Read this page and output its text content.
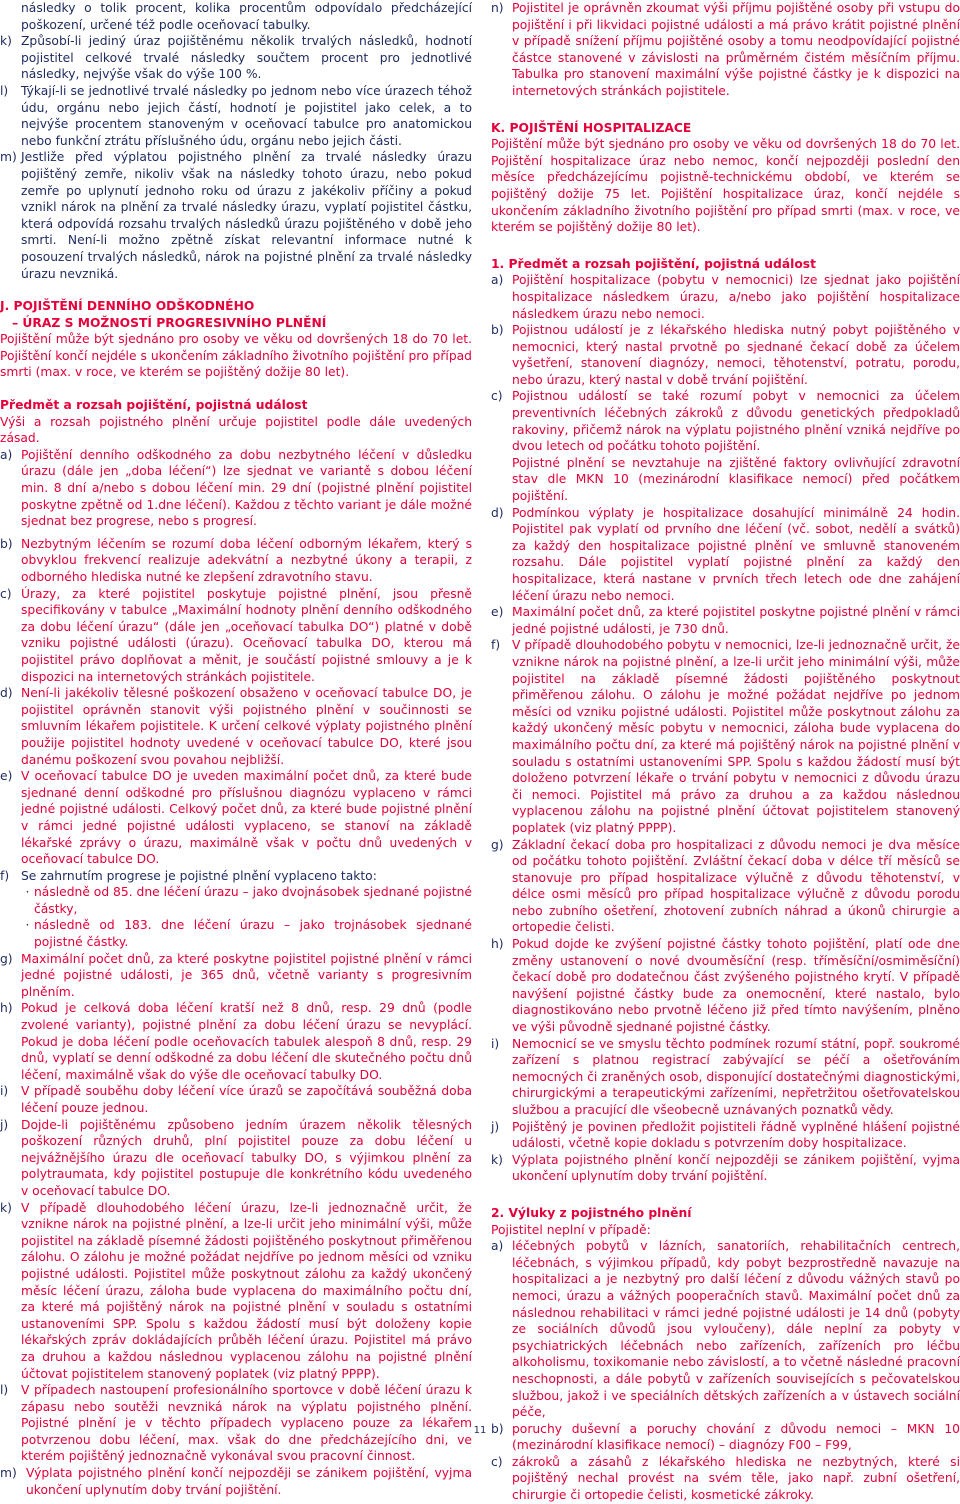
následky o tolik procent, kolika procentům odpovídalo předcházející poškození, určené též podle oceňovací tabulky.

k) Způsobí-li jediný úraz pojištěnému několik trvalých následků, hodnotí pojistitel celkové trvalé následky součtem procent pro jednotlivé následky, nejvýše však do výše 100 %.
l)	Týkají-li se jednotlivé trvalé následky po jednom nebo více úrazech téhož údu, orgánu nebo jejich částí, hodnotí je pojistitel jako celek, a to nejvýše procentem stanoveným v oceňovací tabulce pro anatomickou nebo funkční ztrátu příslušného údu, orgánu nebo jejich části.
m) Jestliže před výplatou pojistného plnění za trvalé následky úrazu pojištěný zemře, nikoliv však na následky tohoto úrazu, nebo pokud zemře po uplynutí jednoho roku od úrazu z jakékoliv příčiny a pokud vznikl nárok na plnění za trvalé následky úrazu, vyplatí pojistitel částku, která odpovídá rozsahu trvalých následků úrazu pojištěného v době jeho smrti. Není-li možno zpětně získat relevantní informace nutné k posouzení trvalých následků, nárok na pojistné plnění za trvalé následky úrazu nevzniká.

J. POJIŠTĚNÍ DENNÍHO ODŠKODNÉHO

– ÚRAZ S MOŽNOSTÍ PROGRESIVNÍHO PLNĚNÍ

Pojištění může být sjednáno pro osoby ve věku od dovršených 18 do 70 let. Pojištění končí nejdéle s ukončením základního životního pojištění pro případ smrti (max. v roce, ve kterém se pojištěný dožije 80 let).

Předmět a rozsah pojištění, pojistná událost

Výši a rozsah pojistného plnění určuje pojistitel podle dále uvedených zásad.

a) Pojištění denního odškodného za dobu nezbytného léčení v důsledku úrazu (dále jen „doba léčení“) lze sjednat ve variantě s dobou léčení min. 8 dní a/nebo s dobou léčení min. 29 dní (pojistné plnění pojistitel poskytne zpětně od 1.dne léčení). Každou z těchto variant je dále možné sjednat bez progrese, nebo s progresí.
b) Nezbytným léčením se rozumí doba léčení odborným lékařem, který s obvyklou frekvencí realizuje adekvátní a nezbytné úkony a terapii, z odborného hlediska nutné ke zlepšení zdravotního stavu.
c) Úrazy, za které pojistitel poskytuje pojistné plnění, jsou přesně specifikovány v tabulce „Maximální hodnoty plnění denního odškodného za dobu léčení úrazu“ (dále jen „oceňovací tabulka DO“) platné v době vzniku pojistné události (úrazu). Oceňovací tabulka DO, kterou má pojistitel právo doplňovat a měnit, je součástí pojistné smlouvy a je k dispozici na internetových stránkách pojistitele.
d) Není-li jakékoliv tělesné poškození obsaženo v oceňovací tabulce DO, je pojistitel oprávněn stanovit výši pojistného plnění v součinnosti se smluvním lékařem pojistitele. K určení celkové výplaty pojistného plnění použije pojistitel hodnoty uvedené v oceňovací tabulce DO, které jsou danému poškození svou povahou nejbližší.
e) V oceňovací tabulce DO je uveden maximální počet dnů, za které bude sjednané denní odškodné pro příslušnou diagnózu vyplaceno v rámci jedné pojistné události. Celkový počet dnů, za které bude pojistné plnění v rámci jedné pojistné události vyplaceno, se stanoví na základě lékařské zprávy o úrazu, maximálně však v počtu dnů uvedených v oceňovací tabulce DO.
f) Se zahrnutím progrese je pojistné plnění vyplaceno takto:
· následně od 85. dne léčení úrazu – jako dvojnásobek sjednané pojistné částky,
· následně od 183. dne léčení úrazu – jako trojnásobek sjednané pojistné částky.
g) Maximální počet dnů, za které poskytne pojistitel pojistné plnění v rámci jedné pojistné události, je 365 dnů, včetně varianty s progresivním plněním.
h) Pokud je celková doba léčení kratší než 8 dnů, resp. 29 dnů (podle zvolené varianty), pojistné plnění za dobu léčení úrazu se nevyplácí. Pokud je doba léčení podle oceňovacích tabulek alespoň 8 dnů, resp. 29 dnů, vyplatí se denní odškodné za dobu léčení dle skutečného počtu dnů léčení, maximálně však do výše dle oceňovací tabulky DO.
i)	V případě souběhu doby léčení více úrazů se započítává souběžná doba léčení pouze jednou.
j)	Dojde-li pojištěnému způsobeno jedním úrazem několik tělesných poškození různých druhů, plní pojistitel pouze za dobu léčení u nejvážnějšího úrazu dle oceňovací tabulky DO, s výjimkou plnění za polytraumata, kdy pojistitel postupuje dle konkrétního kódu uvedeného v oceňovací tabulce DO.
k) V případě dlouhodobého léčení úrazu, lze-li jednoznačně určit, že vznikne nárok na pojistné plnění, a lze-li určit jeho minimální výši, může pojistitel na základě písemné žádosti pojištěného poskytnout přiměřenou zálohu. O zálohu je možné požádat nejdříve po jednom měsíci od vzniku pojistné události. Pojistitel může poskytnout zálohu za každý ukončený měsíc léčení úrazu, záloha bude vyplacena do maximálního počtu dní, za které má pojištěný nárok na pojistné plnění v souladu s ostatními ustanoveními SPP. Spolu s každou žádostí musí být doloženy kopie lékařských zpráv dokládajících průběh léčení úrazu. Pojistitel má právo za druhou a každou následnou vyplacenou zálohu na pojistné plnění účtovat pojistitelem stanovený poplatek (viz platný PPPP).
l)	V případech nastoupení profesionálního sportovce v době léčení úrazu k zápasu nebo soutěži nevzniká nárok na výplatu pojistného plnění. Pojistné plnění je v těchto případech vyplaceno pouze za lékařem potvrzenou dobu léčení, max. však do dne předcházejícího dni, ve kterém pojištěný jednoznačně vykonával svou pracovní činnost.
m) Výplata pojistného plnění končí nejpozději se zánikem pojištění, vyjma ukončení uplynutím doby trvání pojištění.
n) Pojistitel je oprávněn zkoumat výši příjmu pojištěné osoby při vstupu do pojištění i při likvidaci pojistné události a má právo krátit pojistné plnění v případě snížení příjmu pojištěné osoby a tomu neodpovídající pojistné částce stanovené v závislosti na průměrném čistém měsíčním příjmu. Tabulka pro stanovení maximální výše pojistné částky je k dispozici na internetových stránkách pojistitele.

K. POJIŠTĚNÍ HOSPITALIZACE

Pojištění může být sjednáno pro osoby ve věku od dovršených 18 do 70 let. Pojištění hospitalizace úraz nebo nemoc, končí nejpozději poslední den měsíce předcházejícímu pojistně-technickému období, ve kterém se pojištěný dožije 75 let. Pojištění hospitalizace úraz, končí nejdéle s ukončením základního životního pojištění pro případ smrti (max. v roce, ve kterém se pojištěný dožije 80 let).

1. Předmět a rozsah pojištění, pojistná událost

a) Pojištění hospitalizace (pobytu v nemocnici) lze sjednat jako pojištění hospitalizace následkem úrazu, a/nebo jako pojištění hospitalizace následkem úrazu nebo nemoci.
b) Pojistnou událostí je z lékařského hlediska nutný pobyt pojištěného v nemocnici, který nastal prvotně po sjednané čekací době za účelem vyšetření, stanovení diagnózy, nemoci, těhotenství, potratu, porodu, nebo úrazu, který nastal v době trvání pojištění.
c) Pojistnou událostí se také rozumí pobyt v nemocnici za účelem preventivních léčebných zákroků z důvodu genetických předpokladů rakoviny, přičemž nárok na výplatu pojistného plnění vzniká nejdříve po dvou letech od počátku tohoto pojištění.

Pojistné plnění se nevztahuje na zjištěné faktory ovlivňující zdravotní stav dle MKN 10 (mezinárodní klasifikace nemocí) před počátkem pojištění.

d) Podmínkou výplaty je hospitalizace dosahující minimálně 24 hodin. Pojistitel pak vyplatí od prvního dne léčení (vč. sobot, nedělí a svátků) za každý den hospitalizace pojistné plnění ve smluvně stanoveném rozsahu. Dále pojistitel vyplatí pojistné plnění za každý den hospitalizace, která nastane v prvních třech letech ode dne zahájení léčení úrazu nebo nemoci.
e) Maximální počet dnů, za které pojistitel poskytne pojistné plnění v rámci jedné pojistné události, je 730 dnů.
f) V případě dlouhodobého pobytu v nemocnici, lze-li jednoznačně určit, že vznikne nárok na pojistné plnění, a lze-li určit jeho minimální výši, může pojistitel na základě písemné žádosti pojištěného poskytnout přiměřenou zálohu. O zálohu je možné požádat nejdříve po jednom měsíci od vzniku pojistné události. Pojistitel může poskytnout zálohu za každý ukončený měsíc pobytu v nemocnici, záloha bude vyplacena do maximálního počtu dní, za které má pojištěný nárok na pojistné plnění v souladu s ostatními ustanoveními SPP. Spolu s každou žádostí musí být doloženo potvrzení lékaře o trvání pobytu v nemocnici z důvodu úrazu či nemoci. Pojistitel má právo za druhou a za každou následnou vyplacenou zálohu na pojistné plnění účtovat pojistitelem stanovený poplatek (viz platný PPPP).
g) Základní čekací doba pro hospitalizaci z důvodu nemoci je dva měsíce od počátku tohoto pojištění. Zvláštní čekací doba v délce tří měsíců se stanovuje pro případ hospitalizace výlučně z důvodu těhotenství, v délce osmi měsíců pro případ hospitalizace výlučně z důvodu porodu nebo zubního ošetření, zhotovení zubních náhrad a úkonů chirurgie a ortopedie čelisti.
h) Pokud dojde ke zvýšení pojistné částky tohoto pojištění, platí ode dne změny ustanovení o nové dvouměsíční (resp. tříměsíční/osmiměsíční) čekací době pro dodatečnou část zvýšeného pojistného krytí. V případě navýšení pojistné částky bude za onemocnění, které nastalo, bylo diagnostikováno nebo prvotně léčeno již před tímto navýšením, plněno ve výši původně sjednané pojistné částky.
i)	Nemocnicí se ve smyslu těchto podmínek rozumí státní, popř. soukromé zařízení s platnou registrací zabývající se péčí a ošetřováním nemocných či zraněných osob, disponující dostatečnými diagnostickými, chirurgickými a terapeutickými zařízeními, nepřetržitou ošetřovatelskou službou a pracující dle všeobecně uznávaných poznatků vědy.
j)	Pojištěný je povinen předložit pojistiteli řádně vyplněné hlášení pojistné události, včetně kopie dokladu s potvrzením doby hospitalizace.
k) Výplata pojistného plnění končí nejpozději se zánikem pojištění, vyjma ukončení uplynutím doby trvání pojištění.

2. Výluky z pojistného plnění

Pojistitel neplní v případě:

a) léčebných pobytů v lázních, sanatoriích, rehabilitačních centrech, léčebnách, s výjimkou případů, kdy pobyt bezprostředně navazuje na hospitalizaci a je nezbytný pro další léčení z důvodu vážných stavů po nemoci, úrazu a vážných pooperačních stavů. Maximální počet dnů za následnou rehabilitaci v rámci jedné pojistné události je 14 dnů (pobyty ze sociálních důvodů jsou vyloučeny), dále neplní za pobyty v psychiatrických léčebnách nebo zařízeních, zařízeních pro léčbu alkoholismu, toxikomanie nebo závislostí, a to včetně následné pracovní neschopnosti, a dále pobytů v zařízeních souvisejících s pečovatelskou službou, jakož i ve speciálních dětských zařízeních a v ústavech sociální péče,
b) poruchy duševní a poruchy chování z důvodu nemoci – MKN 10 (mezinárodní klasifikace nemocí) – diagnózy F00 – F99,
c) zákroků a zásahů z lékařského hlediska ne nezbytných, které si pojištěný nechal provést na svém těle, jako např. zubní ošetření, chirurgie či ortopedie čelisti, kosmetické zákroky.
11
